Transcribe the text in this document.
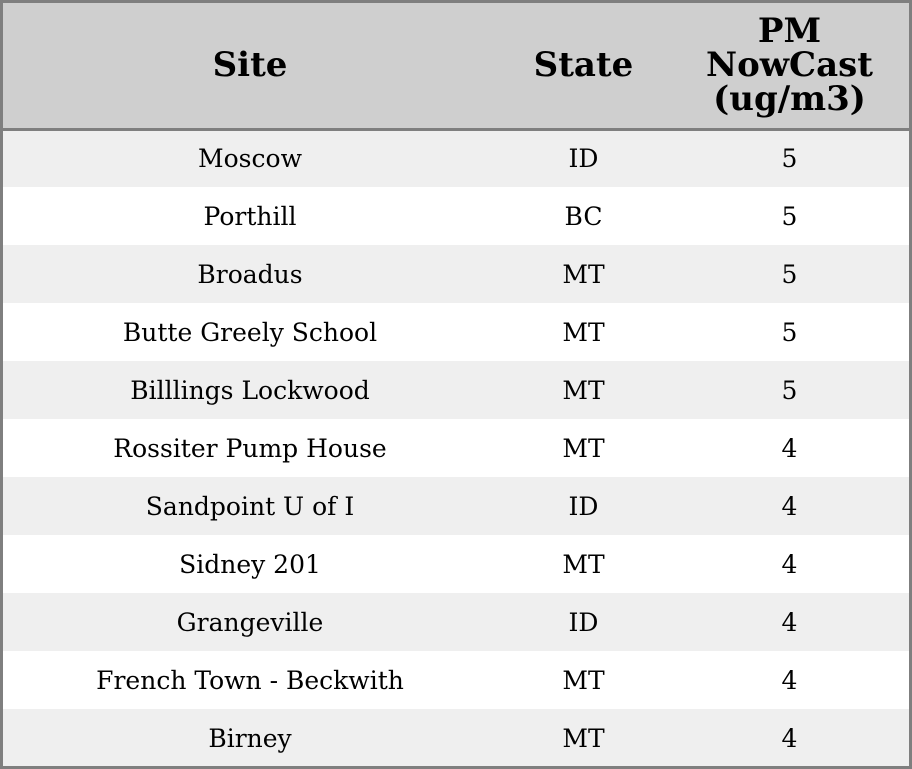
Site	State	PM
NowCast
(ug/m3)

Moscow	ID	5
Porthill	BC	5
Broadus	MT	5
Butte Greely School	MT	5
Billlings Lockwood	MT	5
Rossiter Pump House	MT	4
Sandpoint U of I	ID	4
Sidney 201	MT	4
Grangeville	ID	4
French Town - Beckwith	MT	4
Birney	MT	4
